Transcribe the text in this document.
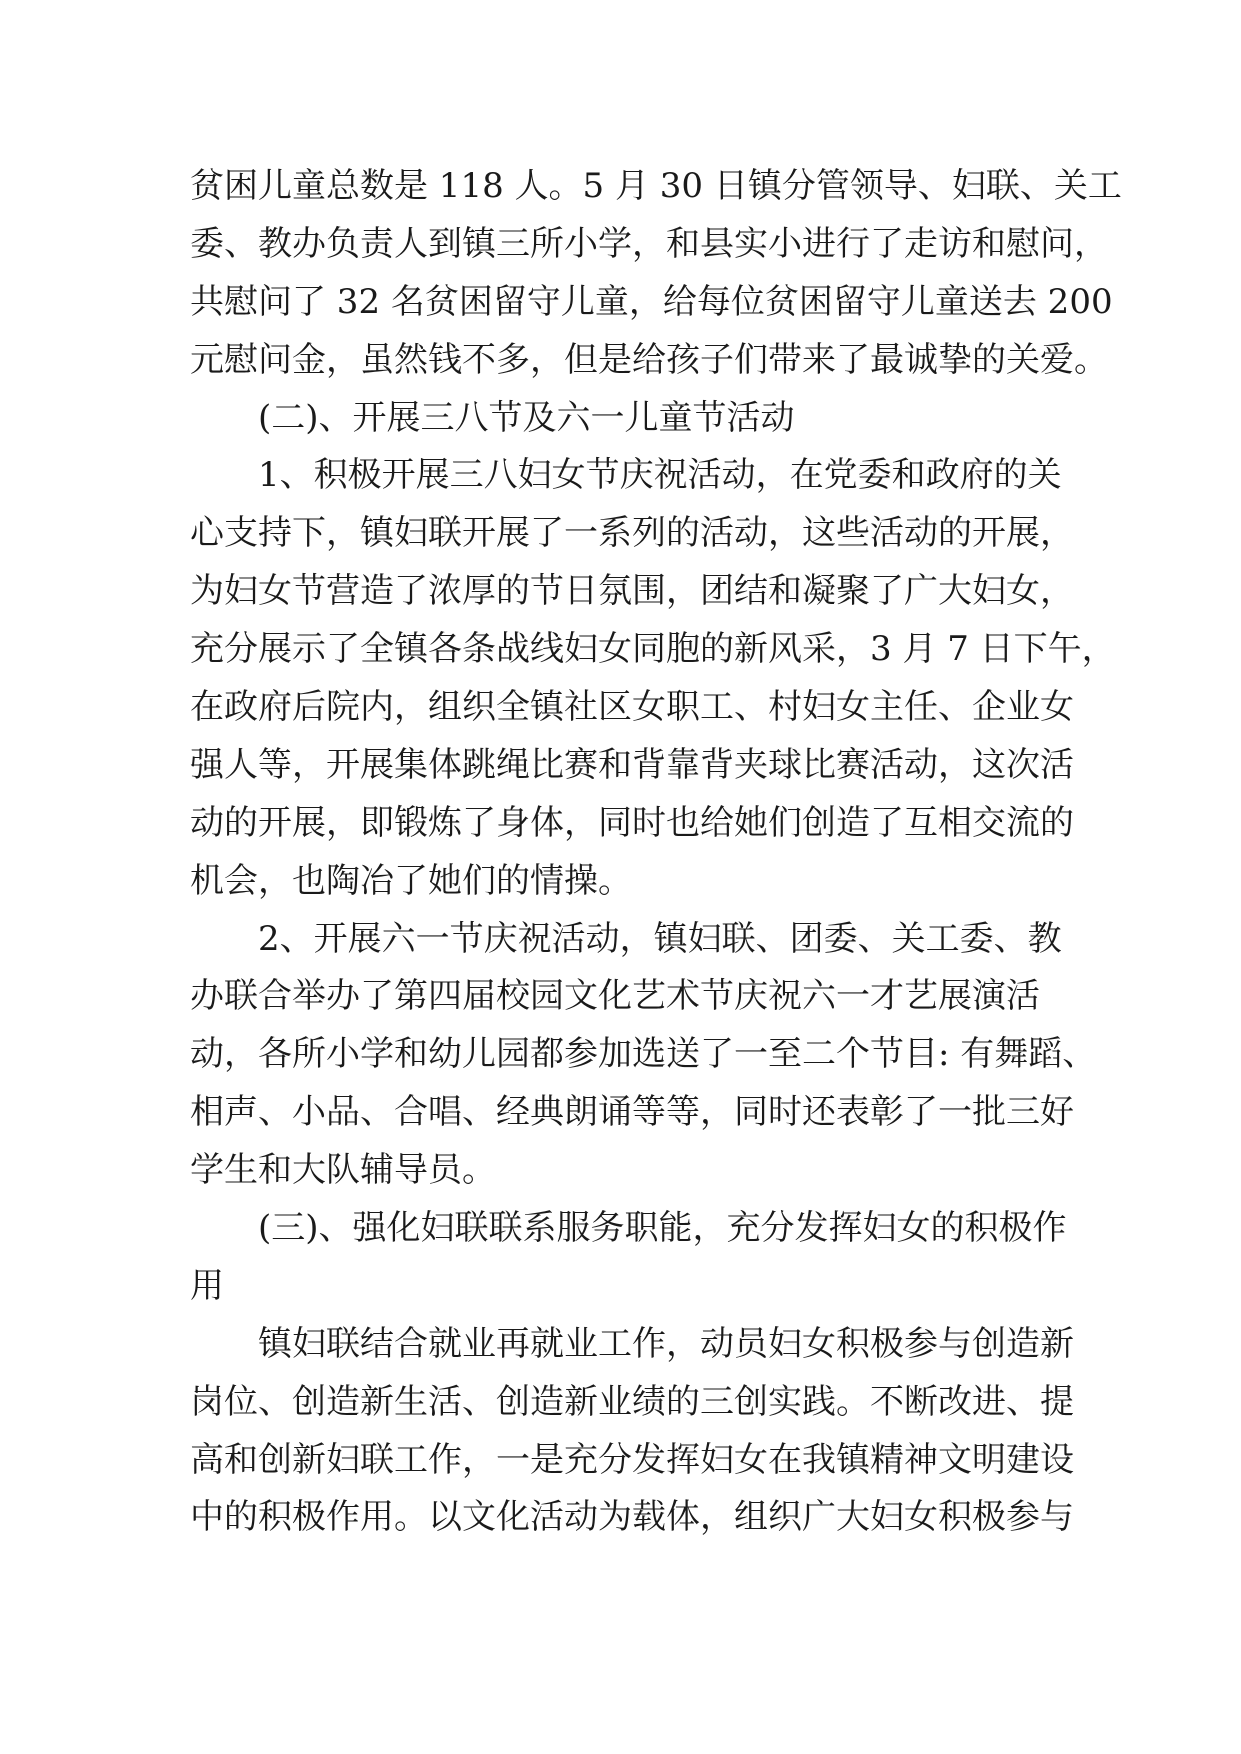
贫困儿童总数是 118 人。5 月 30 日镇分管领导、妇联、关工
委、教办负责人到镇三所小学，和县实小进行了走访和慰问，
共慰问了 32 名贫困留守儿童，给每位贫困留守儿童送去 200
元慰问金，虽然钱不多，但是给孩子们带来了最诚挚的关爱。
(二)、开展三八节及六一儿童节活动
1、积极开展三八妇女节庆祝活动，在党委和政府的关
心支持下，镇妇联开展了一系列的活动，这些活动的开展，
为妇女节营造了浓厚的节日氛围，团结和凝聚了广大妇女，
充分展示了全镇各条战线妇女同胞的新风采，3 月 7 日下午，
在政府后院内，组织全镇社区女职工、村妇女主任、企业女
强人等，开展集体跳绳比赛和背靠背夹球比赛活动，这次活
动的开展，即锻炼了身体，同时也给她们创造了互相交流的
机会，也陶冶了她们的情操。
2、开展六一节庆祝活动，镇妇联、团委、关工委、教
办联合举办了第四届校园文化艺术节庆祝六一才艺展演活
动，各所小学和幼儿园都参加选送了一至二个节目: 有舞蹈、
相声、小品、合唱、经典朗诵等等，同时还表彰了一批三好
学生和大队辅导员。
(三)、强化妇联联系服务职能，充分发挥妇女的积极作
用
镇妇联结合就业再就业工作，动员妇女积极参与创造新
岗位、创造新生活、创造新业绩的三创实践。不断改进、提
高和创新妇联工作，一是充分发挥妇女在我镇精神文明建设
中的积极作用。以文化活动为载体，组织广大妇女积极参与
